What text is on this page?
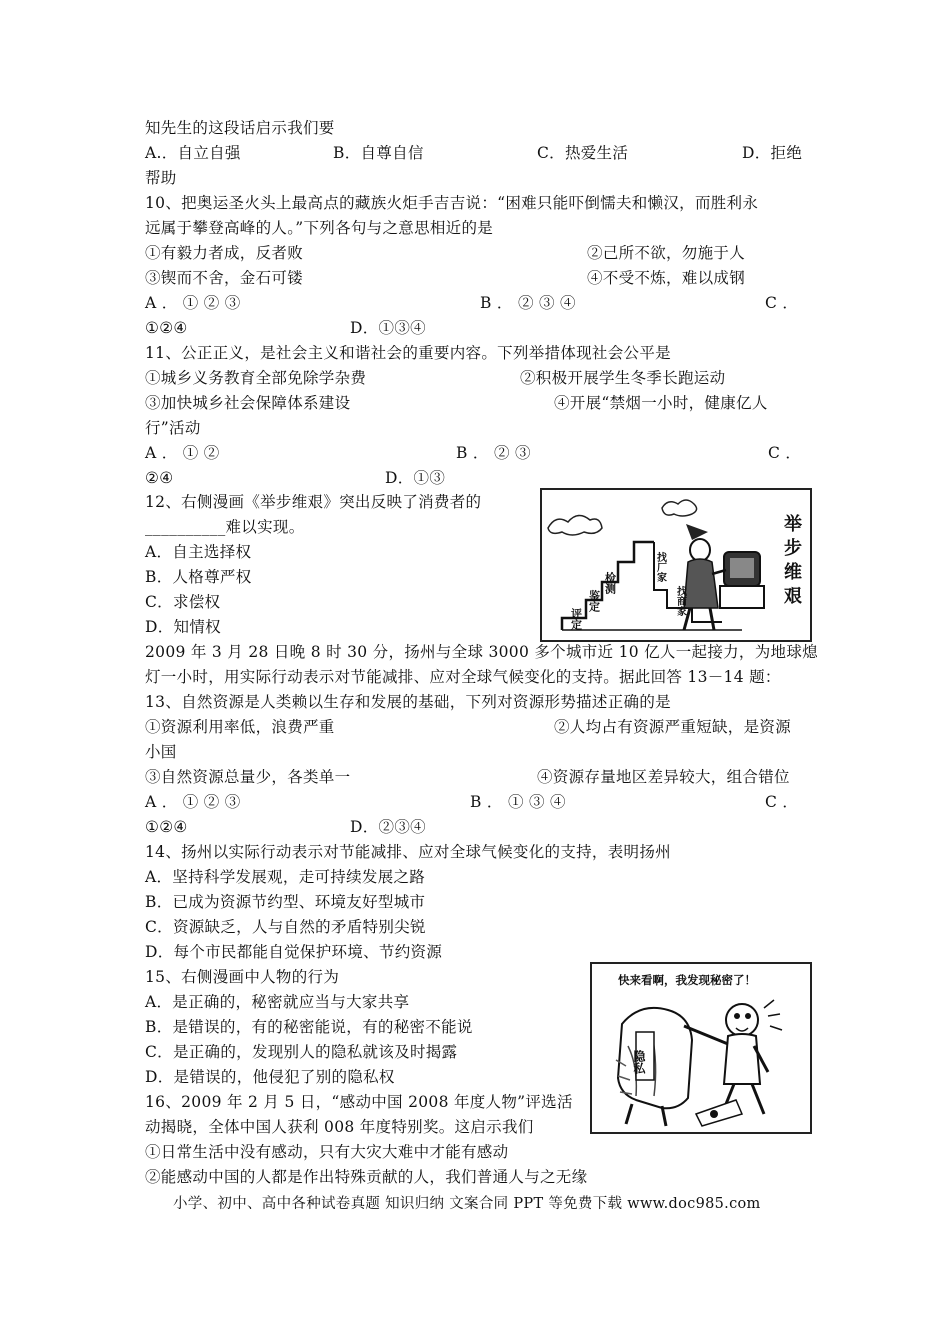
知先生的这段话启示我们要
A.．自立自强	B．自尊自信	C．热爱生活	D．拒绝
帮助
10、把奥运圣火头上最高点的藏族火炬手吉吉说：“困难只能吓倒懦夫和懒汉，而胜利永
远属于攀登高峰的人。”下列各句与之意思相近的是
①有毅力者成，反者败	②己所不欲，勿施于人
③锲而不舍，金石可镂	④不受不炼，难以成钢
A ． ① ② ③	B ． ② ③ ④	C ．
①②④	D．①③④
11、公正正义，是社会主义和谐社会的重要内容。下列举措体现社会公平是
①城乡义务教育全部免除学杂费	②积极开展学生冬季长跑运动
③加快城乡社会保障体系建设	④开展“禁烟一小时，健康亿人
行”活动
A ． ① ②	B ． ② ③	C ．
②④	D．①③
12、右侧漫画《举步维艰》突出反映了消费者的
__________难以实现。
A．自主选择权
B．人格尊严权
C．求偿权
D．知情权
2009 年 3 月 28 日晚 8 时 30 分，扬州与全球 3000 多个城市近 10 亿人一起接力，为地球熄
灯一小时，用实际行动表示对节能减排、应对全球气候变化的支持。据此回答 13－14 题：
13、自然资源是人类赖以生存和发展的基础，下列对资源形势描述正确的是
①资源利用率低，浪费严重	②人均占有资源严重短缺，是资源
小国
③自然资源总量少，各类单一	④资源存量地区差异较大，组合错位
A ． ① ② ③	B ． ① ③ ④	C ．
①②④	D．②③④
14、扬州以实际行动表示对节能减排、应对全球气候变化的支持，表明扬州
A．坚持科学发展观，走可持续发展之路
B．已成为资源节约型、环境友好型城市
C．资源缺乏，人与自然的矛盾特别尖锐
D．每个市民都能自觉保护环境、节约资源
15、右侧漫画中人物的行为
A．是正确的，秘密就应当与大家共享
B．是错误的，有的秘密能说，有的秘密不能说
C．是正确的，发现别人的隐私就该及时揭露
D．是错误的，他侵犯了别的隐私权
16、2009 年 2 月 5 日，“感动中国 2008 年度人物”评选活
动揭晓，全体中国人获利 008 年度特别奖。这启示我们
①日常生活中没有感动，只有大灾大难中才能有感动
②能感动中国的人都是作出特殊贡献的人，我们普通人与之无缘
小学、初中、高中各种试卷真题 知识归纳 文案合同 PPT 等免费下载 www.doc985.com
评定
鉴定
检测
找厂家
找商家
举
步
维
艰
快来看啊，我发现秘密了！
隐私
